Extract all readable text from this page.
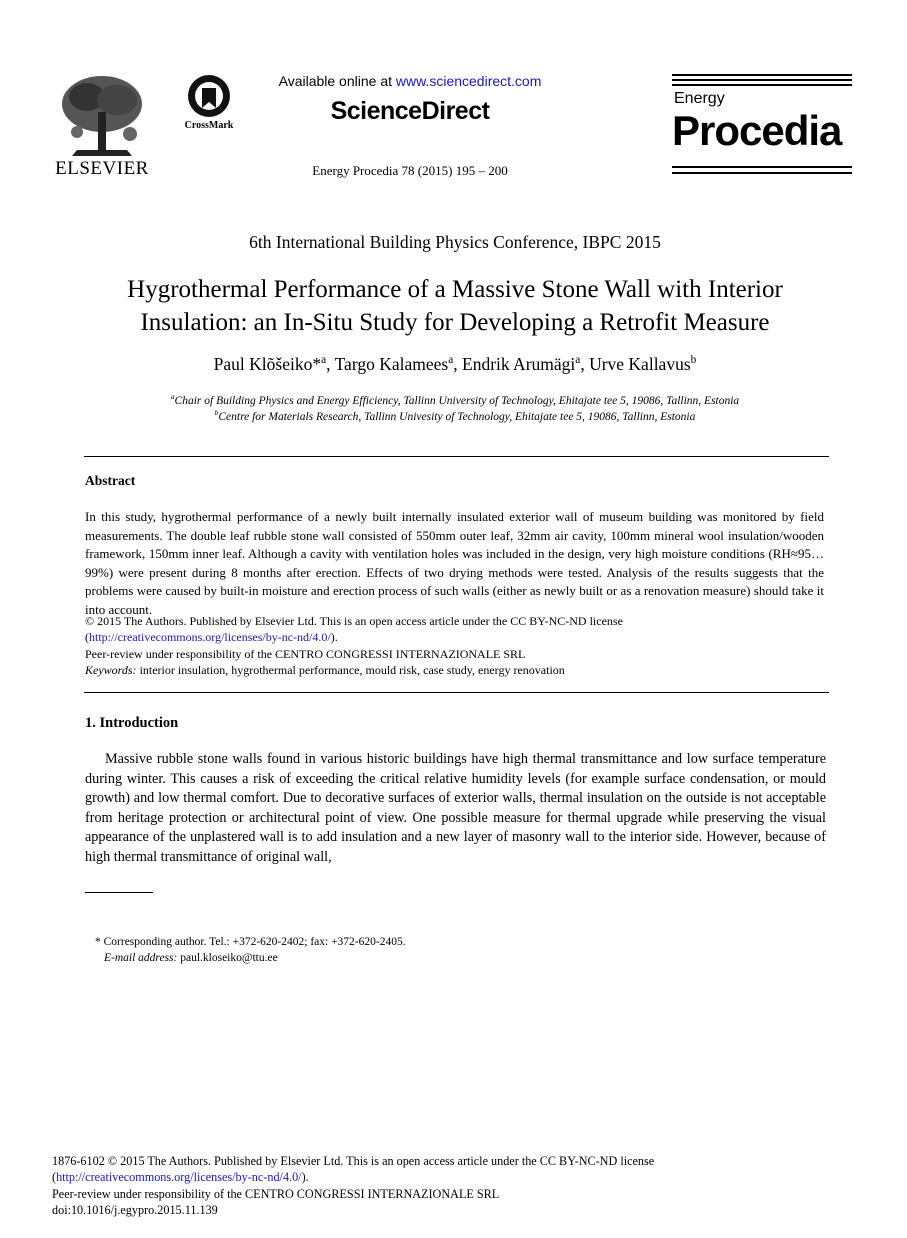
ELSEVIER
CrossMark
Available online at www.sciencedirect.com
ScienceDirect
Energy Procedia 78 (2015) 195 – 200
Energy
Procedia
6th International Building Physics Conference, IBPC 2015
Hygrothermal Performance of a Massive Stone Wall with Interior
Insulation: an In-Situ Study for Developing a Retrofit Measure
Paul Klõšeiko*$^a$, Targo Kalamees$^a$, Endrik Arumägi$^a$, Urve Kallavus$^b$
$^a$Chair of Building Physics and Energy Efficiency, Tallinn University of Technology, Ehitajate tee 5, 19086, Tallinn, Estonia
$^b$Centre for Materials Research, Tallinn Univesity of Technology, Ehitajate tee 5, 19086, Tallinn, Estonia
Abstract
In this study, hygrothermal performance of a newly built internally insulated exterior wall of museum building was monitored by field measurements. The double leaf rubble stone wall consisted of 550mm outer leaf, 32mm air cavity, 100mm mineral wool insulation/wooden framework, 150mm inner leaf. Although a cavity with ventilation holes was included in the design, very high moisture conditions (RH≈95…99%) were present during 8 months after erection. Effects of two drying methods were tested. Analysis of the results suggests that the problems were caused by built-in moisture and erection process of such walls (either as newly built or as a renovation measure) should take it into account.
© 2015 The Authors. Published by Elsevier Ltd. This is an open access article under the CC BY-NC-ND license
(http://creativecommons.org/licenses/by-nc-nd/4.0/).
Peer-review under responsibility of the CENTRO CONGRESSI INTERNAZIONALE SRL
Keywords: interior insulation, hygrothermal performance, mould risk, case study, energy renovation
1. Introduction
Massive rubble stone walls found in various historic buildings have high thermal transmittance and low surface temperature during winter. This causes a risk of exceeding the critical relative humidity levels (for example surface condensation, or mould growth) and low thermal comfort. Due to decorative surfaces of exterior walls, thermal insulation on the outside is not acceptable from heritage protection or architectural point of view. One possible measure for thermal upgrade while preserving the visual appearance of the unplastered wall is to add insulation and a new layer of masonry wall to the interior side. However, because of high thermal transmittance of original wall,
* Corresponding author. Tel.: +372-620-2402; fax: +372-620-2405.
E-mail address: paul.kloseiko@ttu.ee
1876-6102 © 2015 The Authors. Published by Elsevier Ltd. This is an open access article under the CC BY-NC-ND license
(http://creativecommons.org/licenses/by-nc-nd/4.0/).
Peer-review under responsibility of the CENTRO CONGRESSI INTERNAZIONALE SRL
doi:10.1016/j.egypro.2015.11.139
